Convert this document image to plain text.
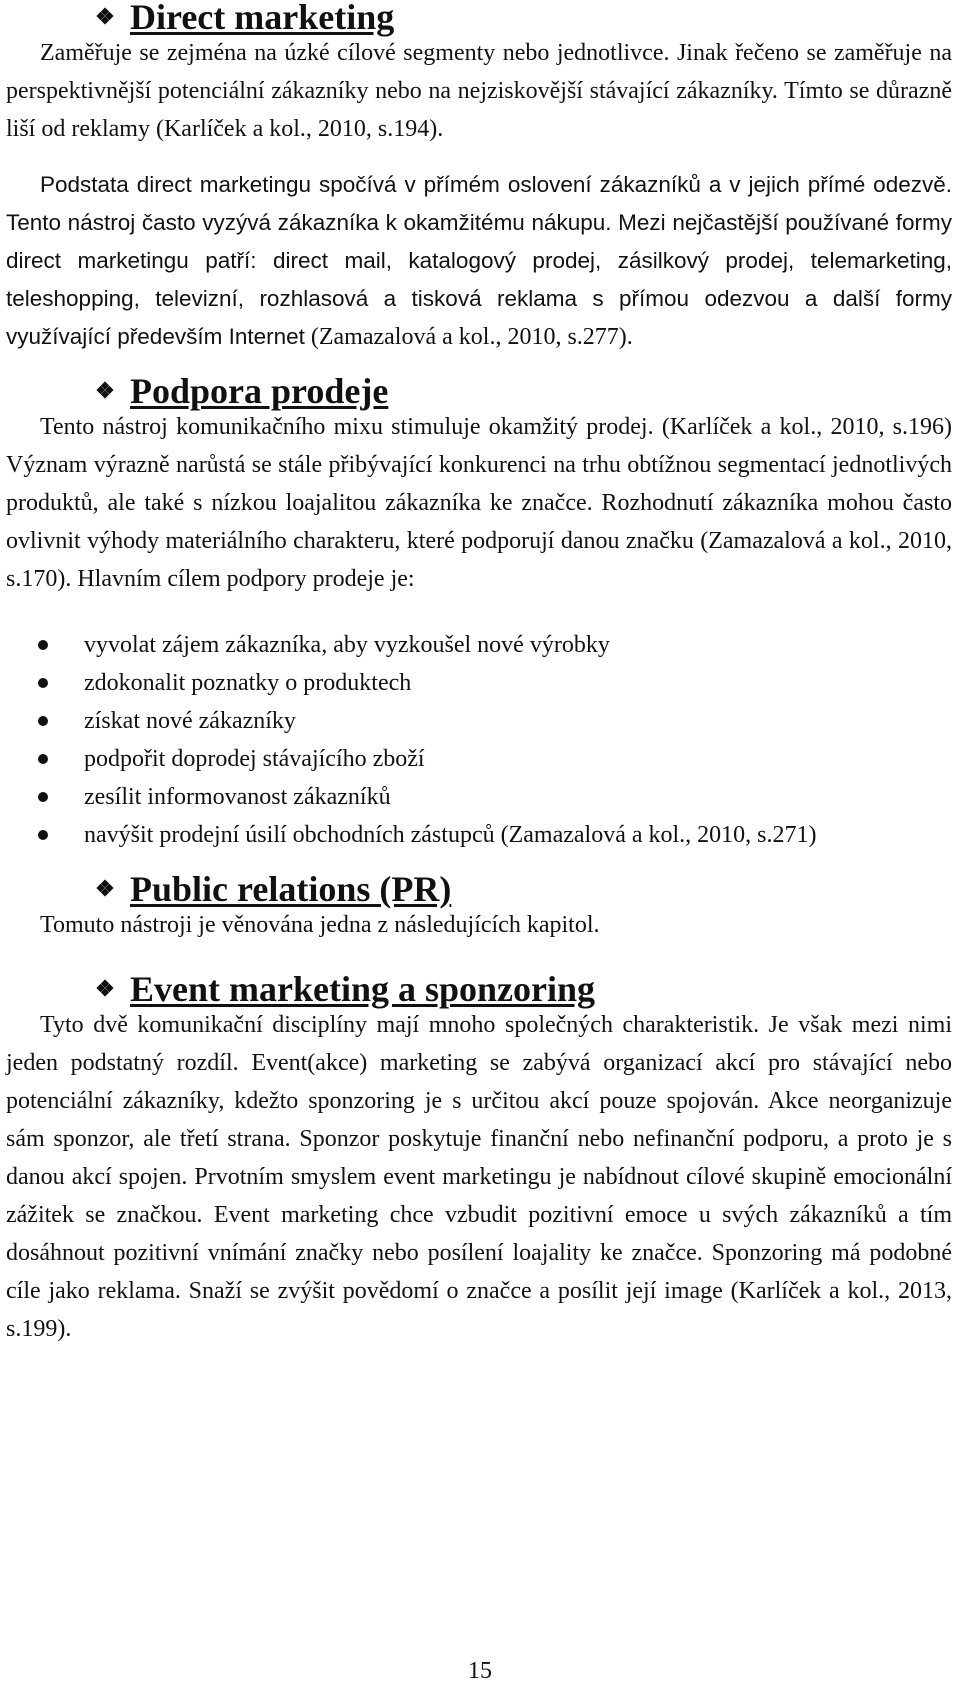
❖ Direct marketing

Zaměřuje se zejména na úzké cílové segmenty nebo jednotlivce. Jinak řečeno se zaměřuje na perspektivnější potenciální zákazníky nebo na nejziskovější stávající zákazníky. Tímto se důrazně liší od reklamy (Karlíček a kol., 2010, s.194).

Podstata direct marketingu spočívá v přímém oslovení zákazníků a v jejich přímé odezvě. Tento nástroj často vyzývá zákazníka k okamžitému nákupu. Mezi nejčastější používané formy direct marketingu patří: direct mail, katalogový prodej, zásilkový prodej, telemarketing, teleshopping, televizní, rozhlasová a tisková reklama s přímou odezvou a další formy využívající především Internet (Zamazalová a kol., 2010, s.277).

❖ Podpora prodeje

Tento nástroj komunikačního mixu stimuluje okamžitý prodej. (Karlíček a kol., 2010, s.196) Význam výrazně narůstá se stále přibývající konkurenci na trhu obtížnou segmentací jednotlivých produktů, ale také s nízkou loajalitou zákazníka ke značce. Rozhodnutí zákazníka mohou často ovlivnit výhody materiálního charakteru, které podporují danou značku (Zamazalová a kol., 2010, s.170). Hlavním cílem podpory prodeje je:

vyvolat zájem zákazníka, aby vyzkoušel nové výrobky
zdokonalit poznatky o produktech
získat nové zákazníky
podpořit doprodej stávajícího zboží
zesílit informovanost zákazníků
navýšit prodejní úsilí obchodních zástupců (Zamazalová a kol., 2010, s.271)
❖ Public relations (PR)

Tomuto nástroji je věnována jedna z následujících kapitol.

❖ Event marketing a sponzoring

Tyto dvě komunikační disciplíny mají mnoho společných charakteristik. Je však mezi nimi jeden podstatný rozdíl. Event(akce) marketing se zabývá organizací akcí pro stávající nebo potenciální zákazníky, kdežto sponzoring je s určitou akcí pouze spojován. Akce neorganizuje sám sponzor, ale třetí strana. Sponzor poskytuje finanční nebo nefinanční podporu, a proto je s danou akcí spojen. Prvotním smyslem event marketingu je nabídnout cílové skupině emocionální zážitek se značkou. Event marketing chce vzbudit pozitivní emoce u svých zákazníků a tím dosáhnout pozitivní vnímání značky nebo posílení loajality ke značce. Sponzoring má podobné cíle jako reklama. Snaží se zvýšit povědomí o značce a posílit její image (Karlíček a kol., 2013, s.199).

15
